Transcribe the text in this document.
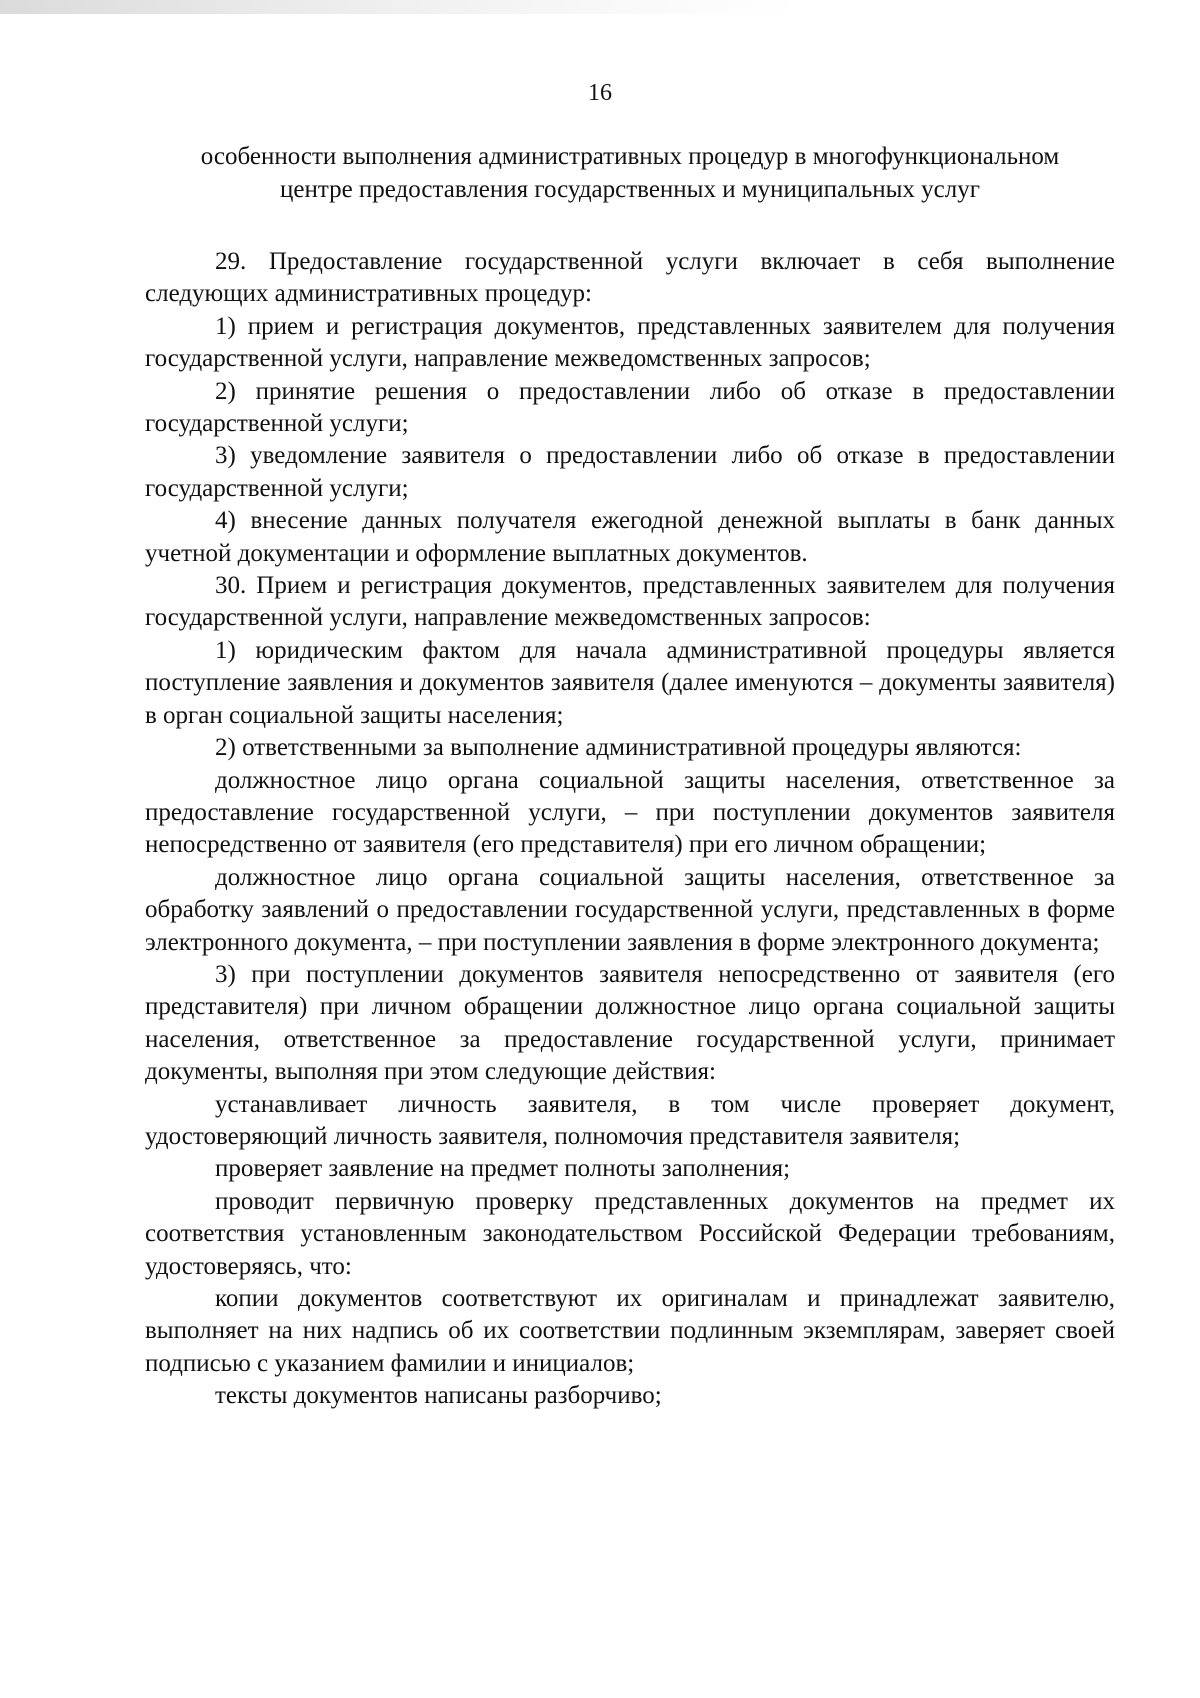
16
особенности выполнения административных процедур в многофункциональном
центре предоставления государственных и муниципальных услуг

29. Предоставление государственной услуги включает в себя выполнение следующих административных процедур:

1) прием и регистрация документов, представленных заявителем для получения государственной услуги, направление межведомственных запросов;

2) принятие решения о предоставлении либо об отказе в предоставлении государственной услуги;

3) уведомление заявителя о предоставлении либо об отказе в предоставлении государственной услуги;

4) внесение данных получателя ежегодной денежной выплаты в банк данных учетной документации и оформление выплатных документов.

30. Прием и регистрация документов, представленных заявителем для получения государственной услуги, направление межведомственных запросов:

1) юридическим фактом для начала административной процедуры является поступление заявления и документов заявителя (далее именуются – документы заявителя) в орган социальной защиты населения;

2) ответственными за выполнение административной процедуры являются:

должностное лицо органа социальной защиты населения, ответственное за предоставление государственной услуги, – при поступлении документов заявителя непосредственно от заявителя (его представителя) при его личном обращении;

должностное лицо органа социальной защиты населения, ответственное за обработку заявлений о предоставлении государственной услуги, представленных в форме электронного документа, – при поступлении заявления в форме электронного документа;

3) при поступлении документов заявителя непосредственно от заявителя (его представителя) при личном обращении должностное лицо органа социальной защиты населения, ответственное за предоставление государственной услуги, принимает документы, выполняя при этом следующие действия:

устанавливает личность заявителя, в том числе проверяет документ, удостоверяющий личность заявителя, полномочия представителя заявителя;

проверяет заявление на предмет полноты заполнения;

проводит первичную проверку представленных документов на предмет их соответствия установленным законодательством Российской Федерации требованиям, удостоверяясь, что:

копии документов соответствуют их оригиналам и принадлежат заявителю, выполняет на них надпись об их соответствии подлинным экземплярам, заверяет своей подписью с указанием фамилии и инициалов;

тексты документов написаны разборчиво;
